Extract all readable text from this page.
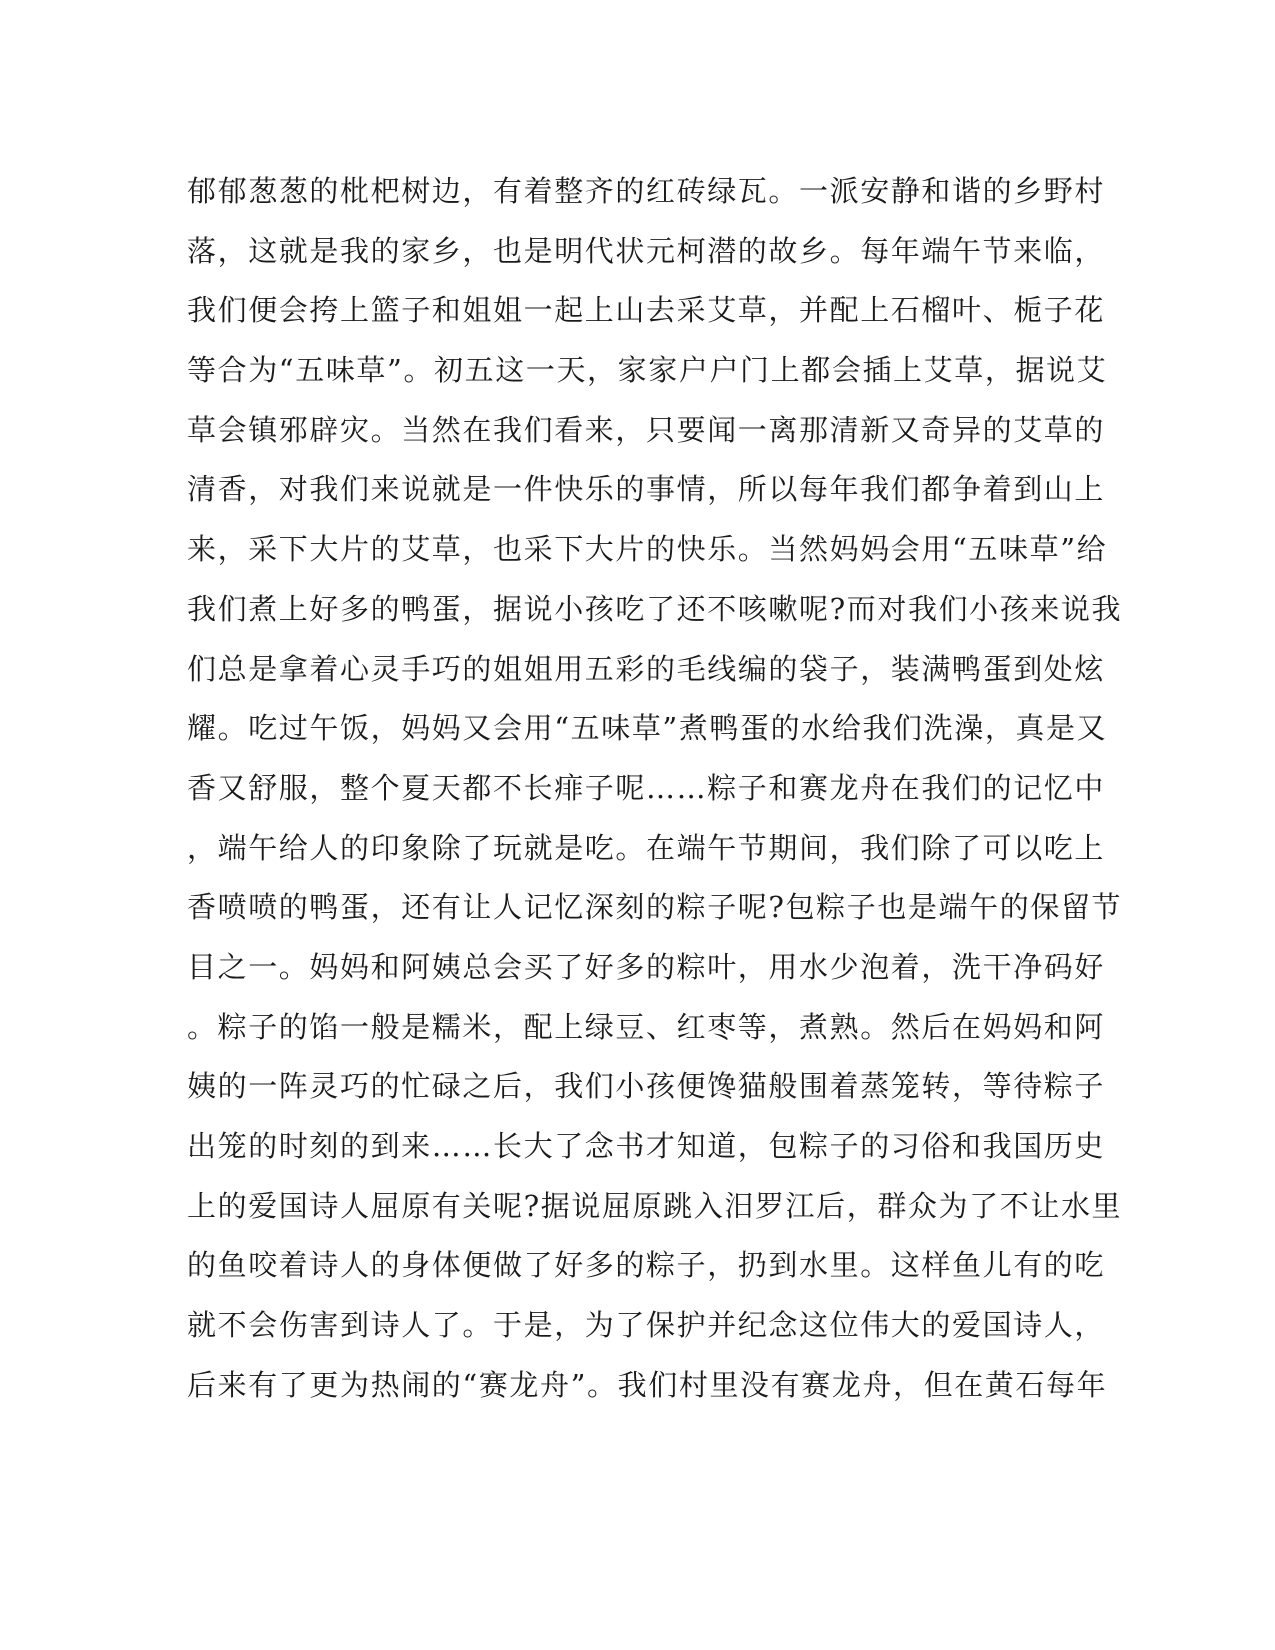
郁郁葱葱的枇杷树边，有着整齐的红砖绿瓦。一派安静和谐的乡野村
落，这就是我的家乡，也是明代状元柯潜的故乡。每年端午节来临，
我们便会挎上篮子和姐姐一起上山去采艾草，并配上石榴叶、栀子花
等合为“五味草”。初五这一天，家家户户门上都会插上艾草，据说艾
草会镇邪辟灾。当然在我们看来，只要闻一离那清新又奇异的艾草的
清香，对我们来说就是一件快乐的事情，所以每年我们都争着到山上
来，采下大片的艾草，也采下大片的快乐。当然妈妈会用“五味草”给
我们煮上好多的鸭蛋，据说小孩吃了还不咳嗽呢?而对我们小孩来说我
们总是拿着心灵手巧的姐姐用五彩的毛线编的袋子，装满鸭蛋到处炫
耀。吃过午饭，妈妈又会用“五味草”煮鸭蛋的水给我们洗澡，真是又
香又舒服，整个夏天都不长痱子呢……粽子和赛龙舟在我们的记忆中
，端午给人的印象除了玩就是吃。在端午节期间，我们除了可以吃上
香喷喷的鸭蛋，还有让人记忆深刻的粽子呢?包粽子也是端午的保留节
目之一。妈妈和阿姨总会买了好多的粽叶，用水少泡着，洗干净码好
。粽子的馅一般是糯米，配上绿豆、红枣等，煮熟。然后在妈妈和阿
姨的一阵灵巧的忙碌之后，我们小孩便馋猫般围着蒸笼转，等待粽子
出笼的时刻的到来……长大了念书才知道，包粽子的习俗和我国历史
上的爱国诗人屈原有关呢?据说屈原跳入汨罗江后，群众为了不让水里
的鱼咬着诗人的身体便做了好多的粽子，扔到水里。这样鱼儿有的吃
就不会伤害到诗人了。于是，为了保护并纪念这位伟大的爱国诗人，
后来有了更为热闹的“赛龙舟”。我们村里没有赛龙舟，但在黄石每年
